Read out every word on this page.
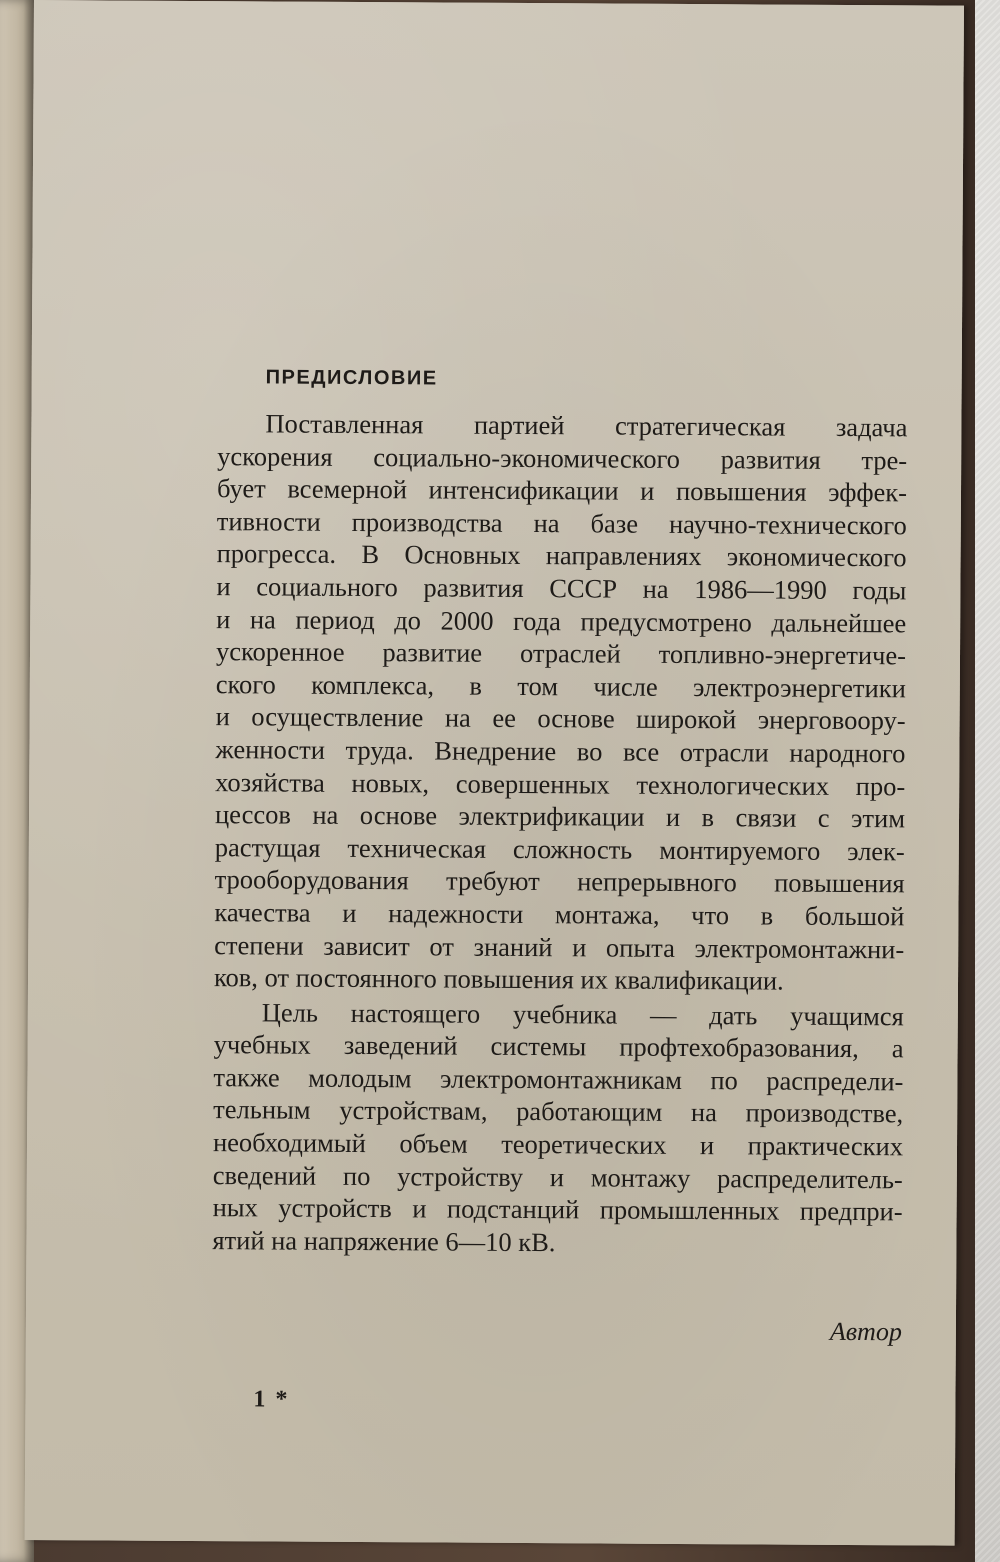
ПРЕДИСЛОВИЕ
Поставленная партией стратегическая задача
ускорения социально-экономического развития тре-
бует всемерной интенсификации и повышения эффек-
тивности производства на базе научно-технического
прогресса. В Основных направлениях экономического
и социального развития СССР на 1986—1990 годы
и на период до 2000 года предусмотрено дальнейшее
ускоренное развитие отраслей топливно-энергетиче-
ского комплекса, в том числе электроэнергетики
и осуществление на ее основе широкой энерговоору-
женности труда. Внедрение во все отрасли народного
хозяйства новых, совершенных технологических про-
цессов на основе электрификации и в связи с этим
растущая техническая сложность монтируемого элек-
трооборудования требуют непрерывного повышения
качества и надежности монтажа, что в большой
степени зависит от знаний и опыта электромонтажни-
ков, от постоянного повышения их квалификации.
Цель настоящего учебника — дать учащимся
учебных заведений системы профтехобразования, а
также молодым электромонтажникам по распредели-
тельным устройствам, работающим на производстве,
необходимый объем теоретических и практических
сведений по устройству и монтажу распределитель-
ных устройств и подстанций промышленных предпри-
ятий на напряжение 6—10 кВ.
Автор
1 *
